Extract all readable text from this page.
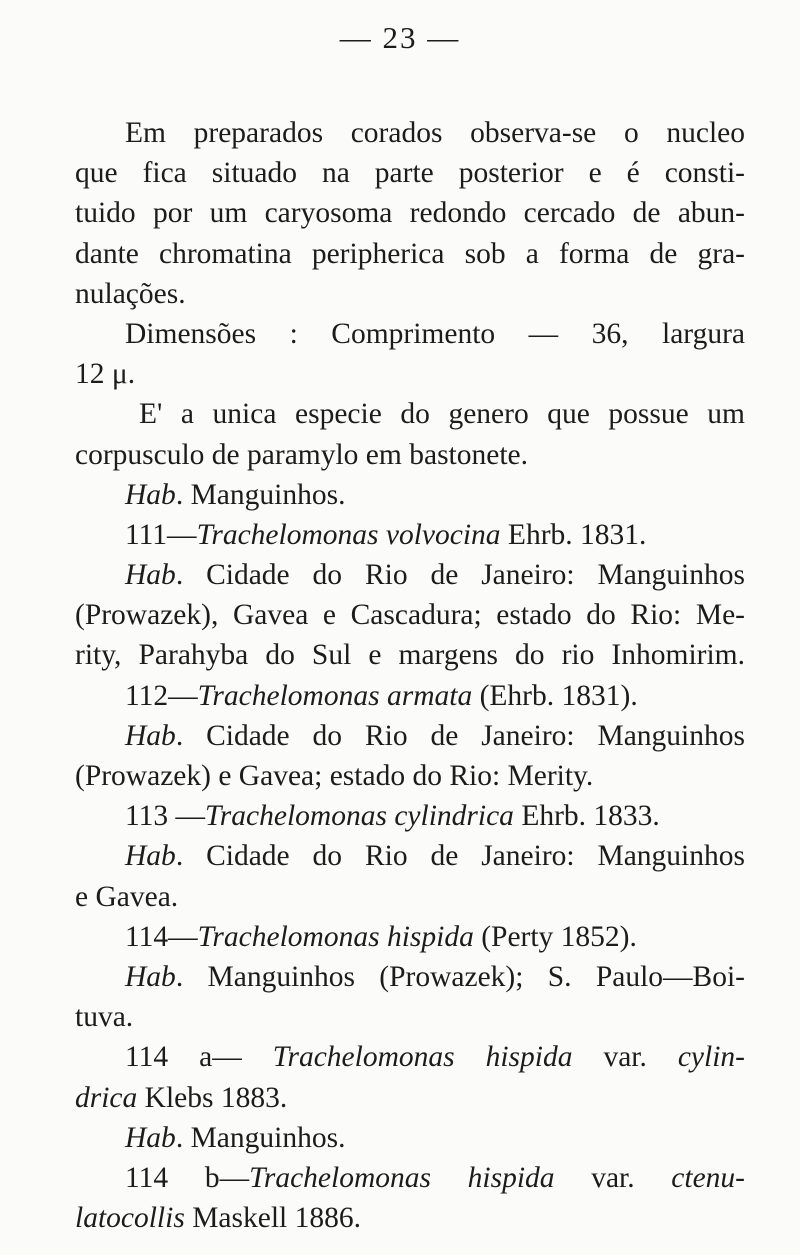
— 23 —
Em preparados corados observa-se o nucleo
que fica situado na parte posterior e é consti-
tuido por um caryosoma redondo cercado de abun-
dante chromatina peripherica sob a forma de gra-
nulações.
Dimensões : Comprimento — 36, largura
12 μ.
E' a unica especie do genero que possue um
corpusculo de paramylo em bastonete.
Hab. Manguinhos.
111—Trachelomonas volvocina Ehrb. 1831.
Hab. Cidade do Rio de Janeiro: Manguinhos
(Prowazek), Gavea e Cascadura; estado do Rio: Me-
rity, Parahyba do Sul e margens do rio Inhomirim.
112—Trachelomonas armata (Ehrb. 1831).
Hab. Cidade do Rio de Janeiro: Manguinhos
(Prowazek) e Gavea; estado do Rio: Merity.
113 —Trachelomonas cylindrica Ehrb. 1833.
Hab. Cidade do Rio de Janeiro: Manguinhos
e Gavea.
114—Trachelomonas hispida (Perty 1852).
Hab. Manguinhos (Prowazek); S. Paulo—Boi-
tuva.
114 a— Trachelomonas hispida var. cylin-
drica Klebs 1883.
Hab. Manguinhos.
114 b—Trachelomonas hispida var. ctenu-
latocollis Maskell 1886.
